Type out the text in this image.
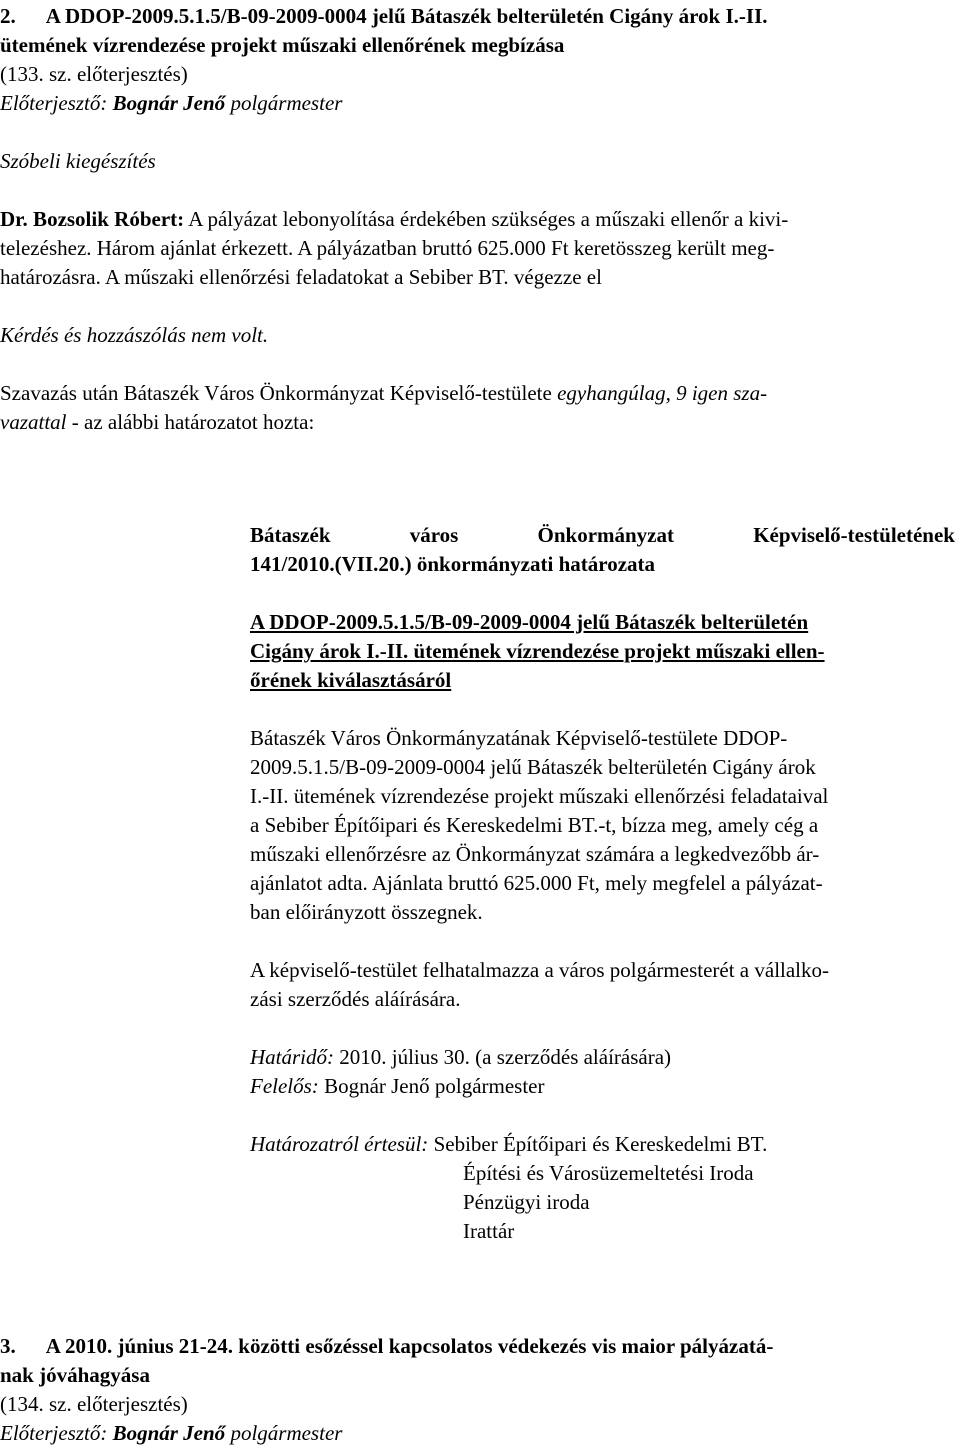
2. A DDOP-2009.5.1.5/B-09-2009-0004 jelű Bátaszék belterületén Cigány árok I.-II.
ütemének vízrendezése projekt műszaki ellenőrének megbízása
(133. sz. előterjesztés)
Előterjesztő: Bognár Jenő polgármester
Szóbeli kiegészítés
Dr. Bozsolik Róbert: A pályázat lebonyolítása érdekében szükséges a műszaki ellenőr a kivi-
telezéshez. Három ajánlat érkezett. A pályázatban bruttó 625.000 Ft keretösszeg került meg-
határozásra. A műszaki ellenőrzési feladatokat a Sebiber BT. végezze el
Kérdés és hozzászólás nem volt.
Szavazás után Bátaszék Város Önkormányzat Képviselő-testülete egyhangúlag, 9 igen sza-
vazattal - az alábbi határozatot hozta:
Bátaszék	város	Önkormányzat	Képviselő-testületének
141/2010.(VII.20.) önkormányzati határozata
A DDOP-2009.5.1.5/B-09-2009-0004 jelű Bátaszék belterületén
Cigány árok I.-II. ütemének vízrendezése projekt műszaki ellen-
őrének kiválasztásáról
Bátaszék Város Önkormányzatának Képviselő-testülete DDOP-
2009.5.1.5/B-09-2009-0004 jelű Bátaszék belterületén Cigány árok
I.-II. ütemének vízrendezése projekt műszaki ellenőrzési feladataival
a Sebiber Építőipari és Kereskedelmi BT.-t, bízza meg, amely cég a
műszaki ellenőrzésre az Önkormányzat számára a legkedvezőbb ár-
ajánlatot adta. Ajánlata bruttó 625.000 Ft, mely megfelel a pályázat-
ban előirányzott összegnek.
A képviselő-testület felhatalmazza a város polgármesterét a vállalko-
zási szerződés aláírására.
Határidő: 2010. július 30. (a szerződés aláírására)
Felelős: Bognár Jenő polgármester
Határozatról értesül: Sebiber Építőipari és Kereskedelmi BT.
Építési és Városüzemeltetési Iroda
Pénzügyi iroda
Irattár
3. A 2010. június 21-24. közötti esőzéssel kapcsolatos védekezés vis maior pályázatá-
nak jóváhagyása
(134. sz. előterjesztés)
Előterjesztő: Bognár Jenő polgármester
